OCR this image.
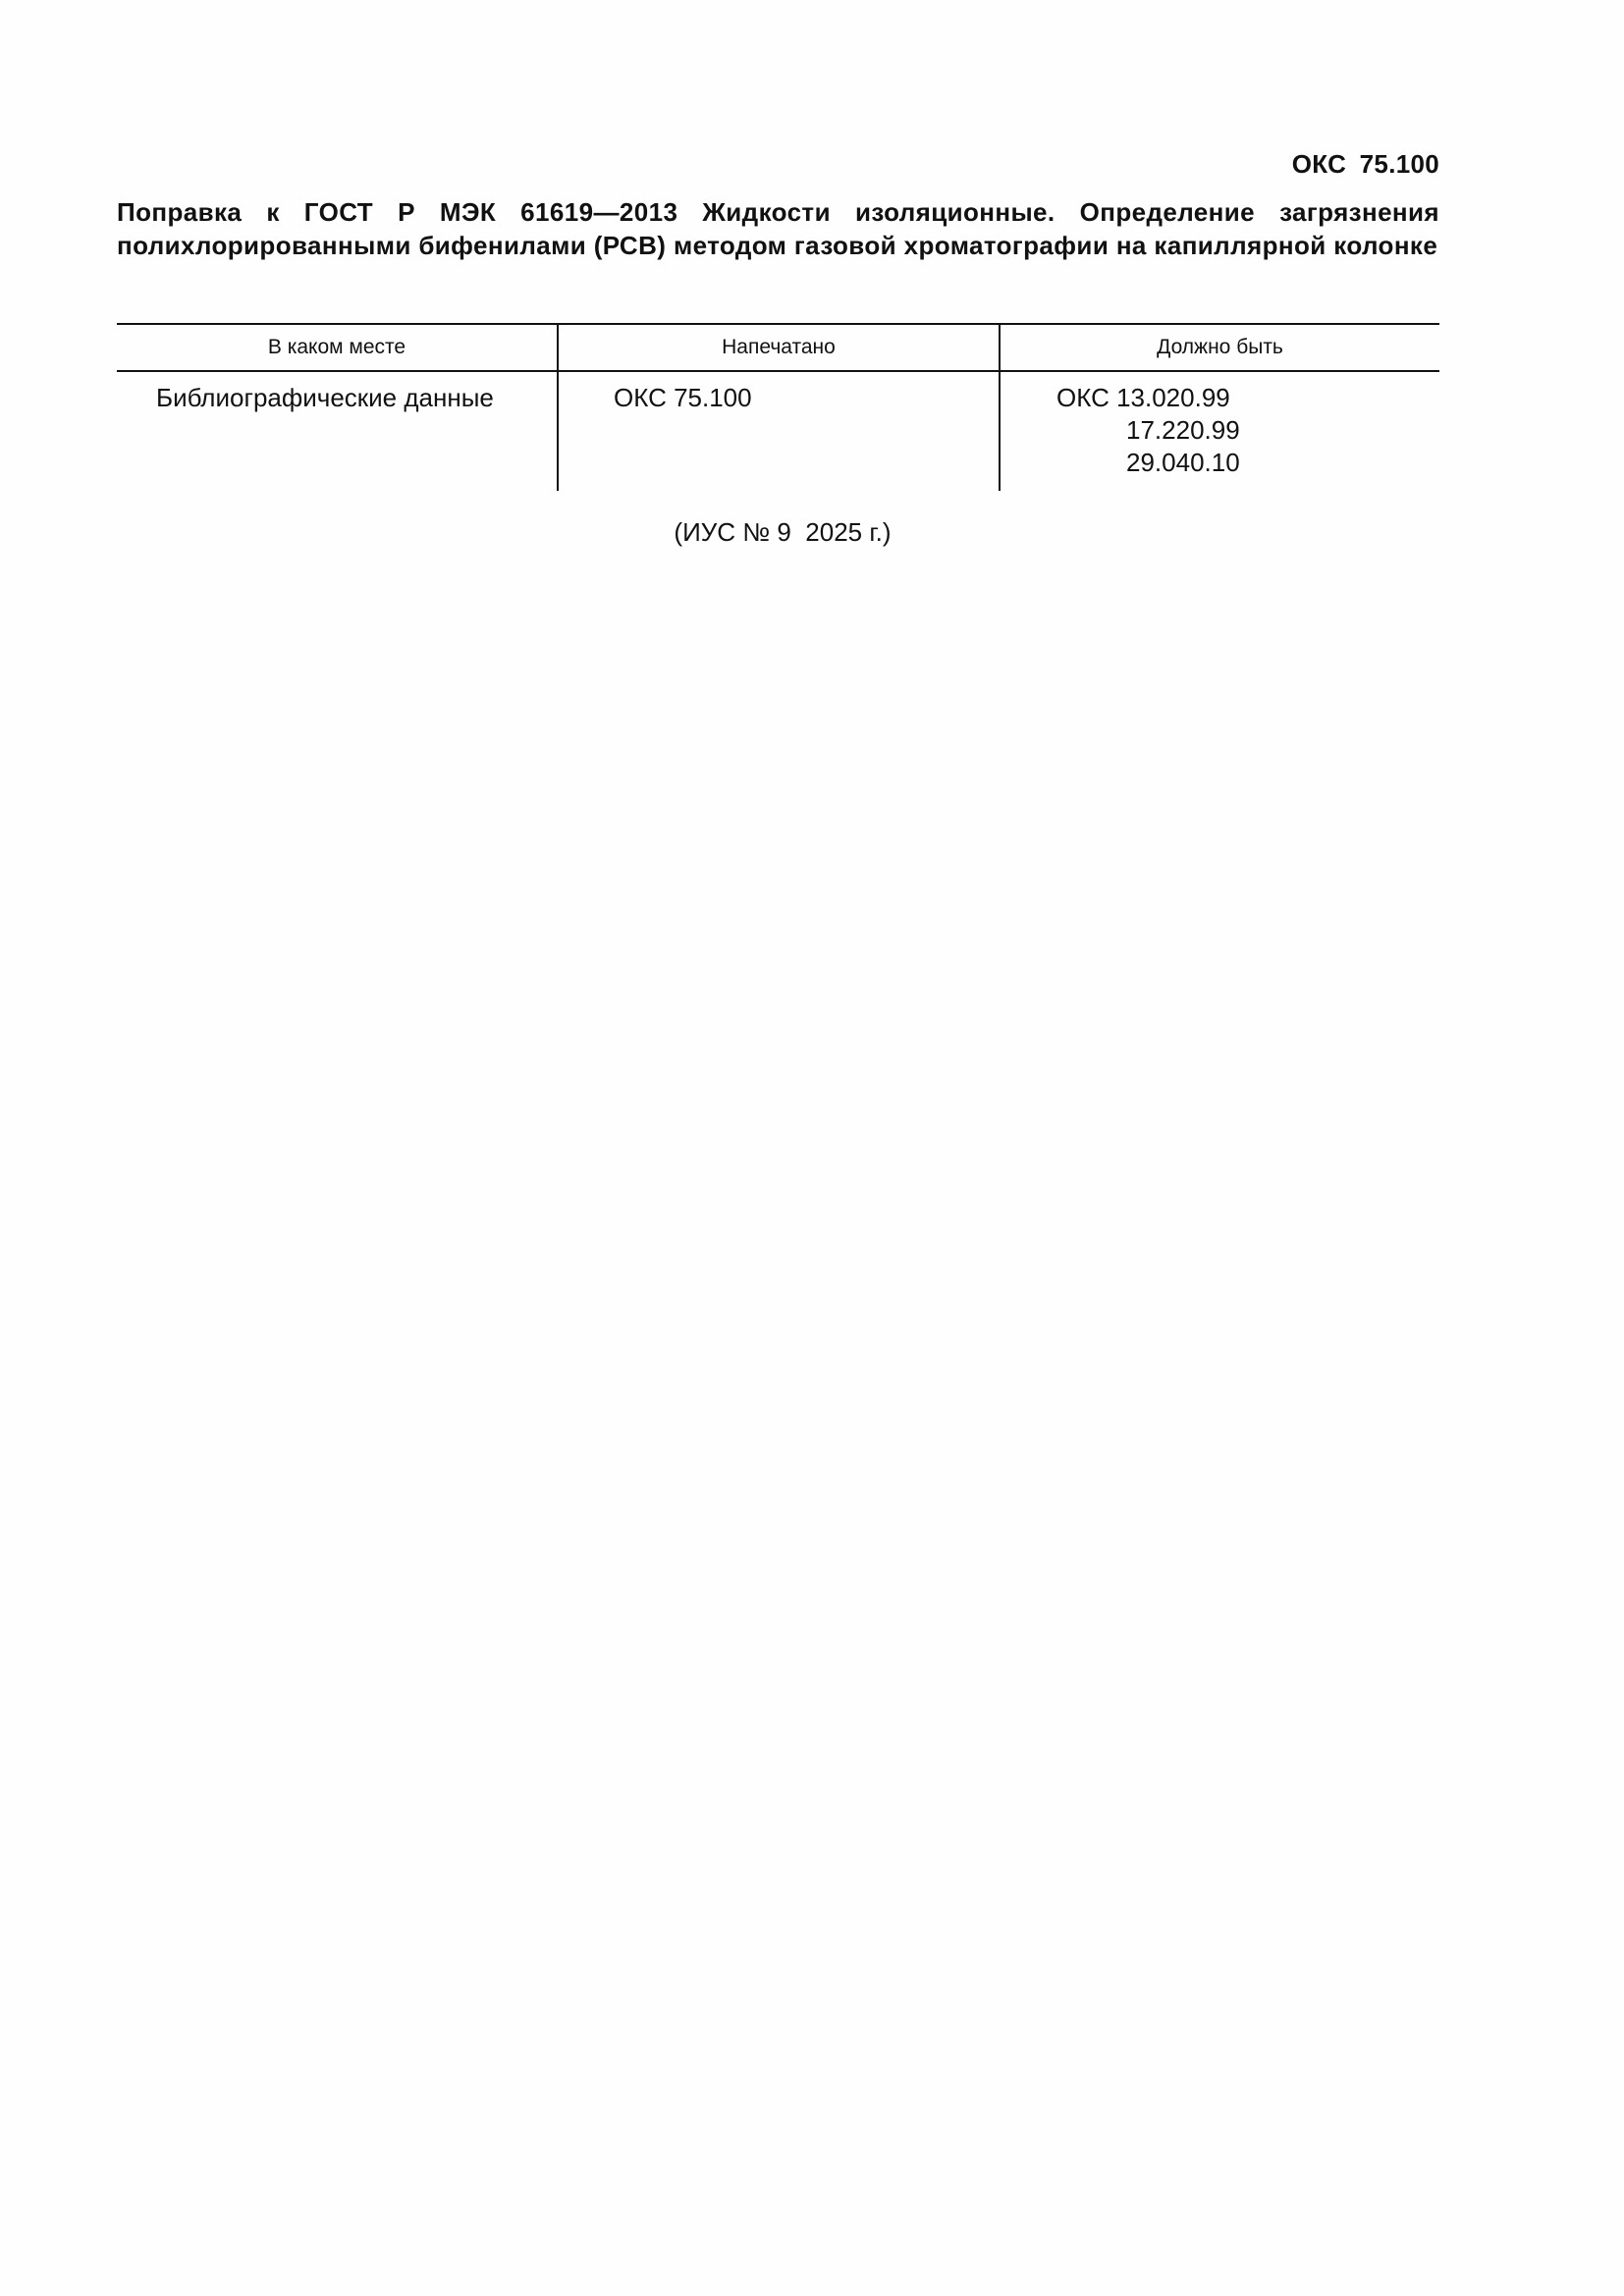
ОКС 75.100
Поправка к ГОСТ Р МЭК 61619—2013 Жидкости изоляционные. Определение загрязнения полихлорированными бифенилами (РСВ) методом газовой хроматографии на капиллярной колонке
В каком месте	Напечатано	Должно быть
Библиографические данные	ОКС 75.100	ОКС 13.020.99
17.220.99
29.040.10
(ИУС № 9  2025 г.)
